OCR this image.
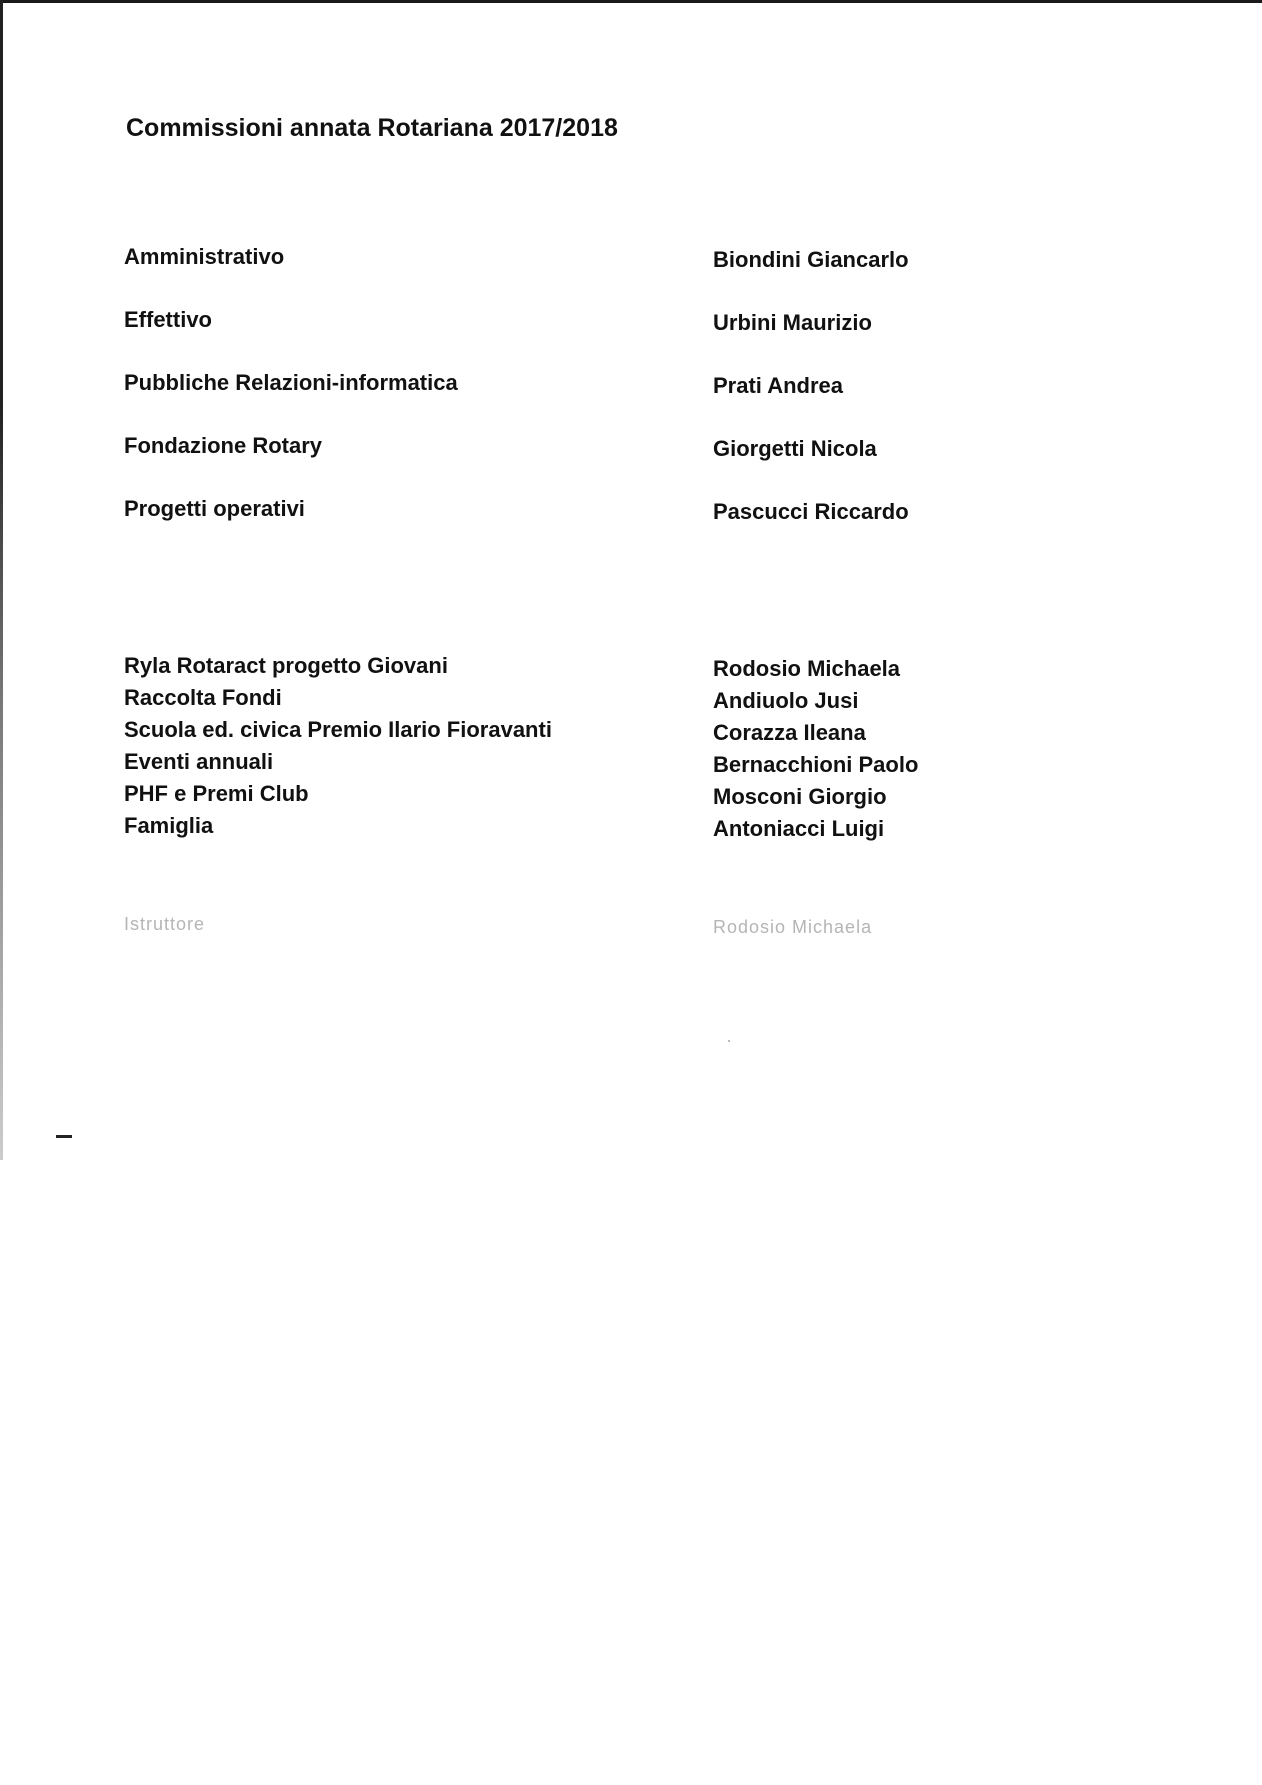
Commissioni annata Rotariana 2017/2018
Amministrativo	Biondini Giancarlo
Effettivo	Urbini Maurizio
Pubbliche Relazioni-informatica	Prati Andrea
Fondazione Rotary	Giorgetti Nicola
Progetti operativi	Pascucci Riccardo
Ryla Rotaract progetto Giovani	Rodosio Michaela
Raccolta Fondi	Andiuolo Jusi
Scuola ed. civica Premio Ilario Fioravanti	Corazza Ileana
Eventi annuali	Bernacchioni Paolo
PHF e Premi Club	Mosconi Giorgio
Famiglia	Antoniacci Luigi
Istruttore	Rodosio Michaela
